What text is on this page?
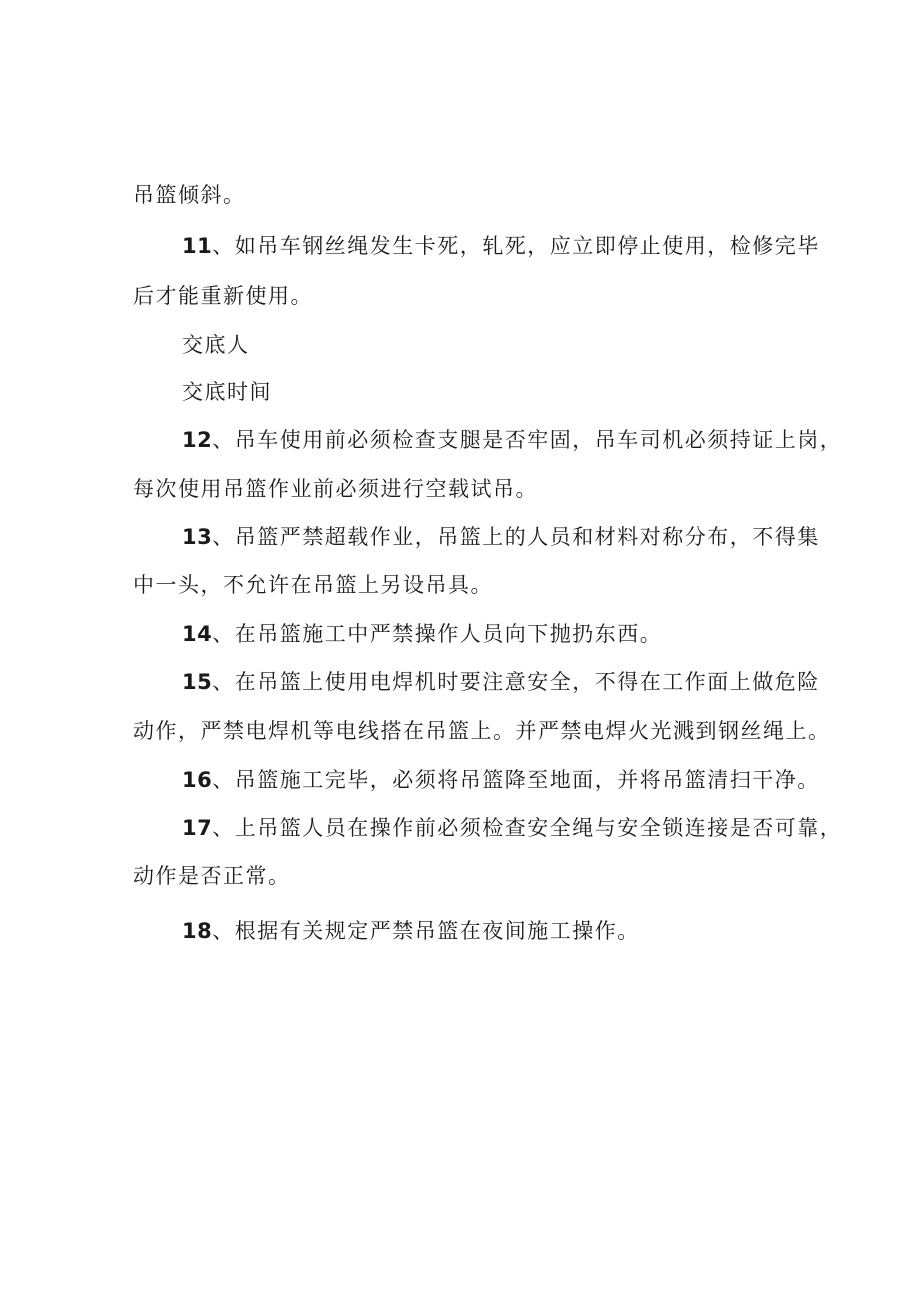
吊篮倾斜。
11、如吊车钢丝绳发生卡死，轧死，应立即停止使用，检修完毕
后才能重新使用。
交底人
交底时间
12、吊车使用前必须检查支腿是否牢固，吊车司机必须持证上岗，
每次使用吊篮作业前必须进行空载试吊。
13、吊篮严禁超载作业，吊篮上的人员和材料对称分布，不得集
中一头，不允许在吊篮上另设吊具。
14、在吊篮施工中严禁操作人员向下抛扔东西。
15、在吊篮上使用电焊机时要注意安全，不得在工作面上做危险
动作，严禁电焊机等电线搭在吊篮上。并严禁电焊火光溅到钢丝绳上。
16、吊篮施工完毕，必须将吊篮降至地面，并将吊篮清扫干净。
17、上吊篮人员在操作前必须检查安全绳与安全锁连接是否可靠，
动作是否正常。
18、根据有关规定严禁吊篮在夜间施工操作。
